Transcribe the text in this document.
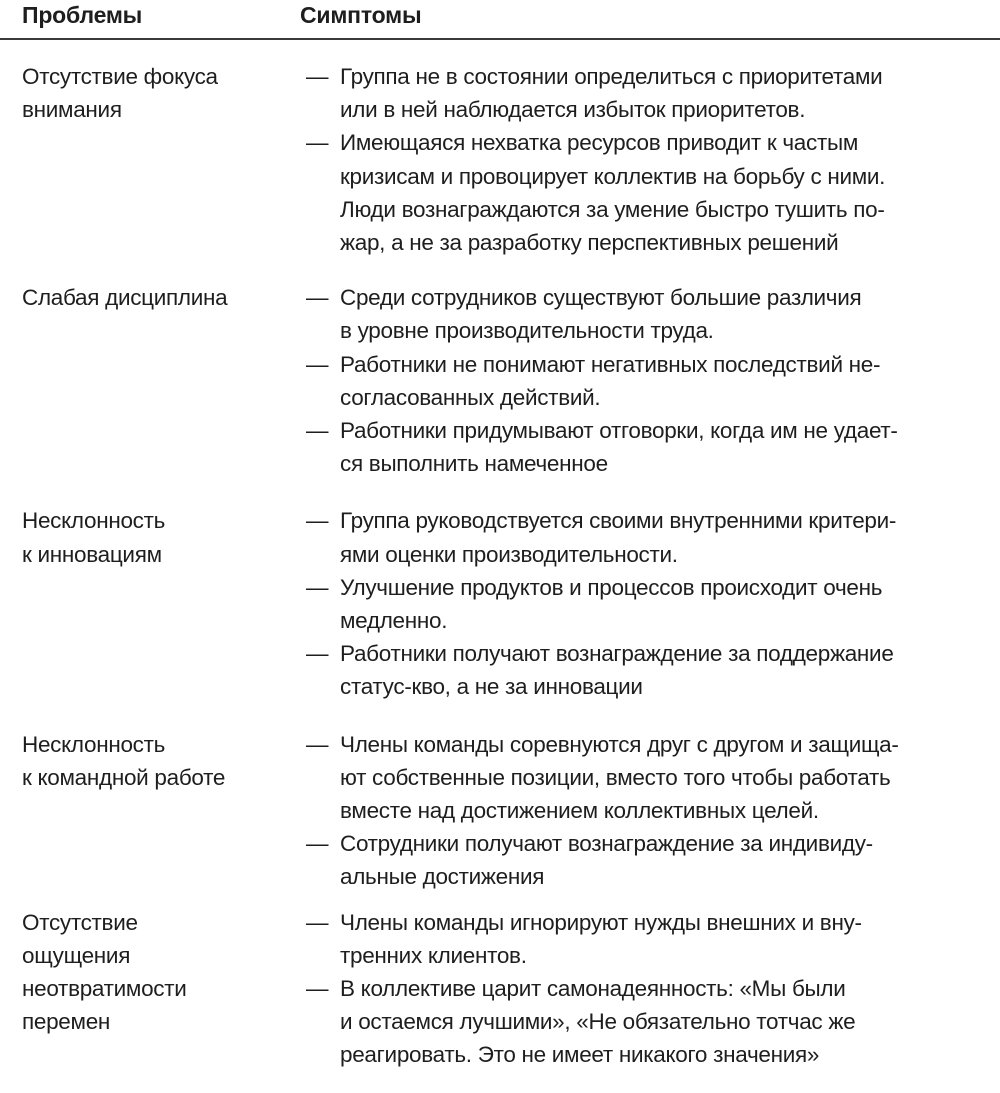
Проблемы	Симптомы
Отсутствие фокуса
внимания
— Группа не в состоянии определиться с приоритетами
или в ней наблюдается избыток приоритетов.
— Имеющаяся нехватка ресурсов приводит к частым
кризисам и провоцирует коллектив на борьбу с ними.
Люди вознаграждаются за умение быстро тушить по-
жар, а не за разработку перспективных решений
Слабая дисциплина	— Среди сотрудников существуют большие различия
в уровне производительности труда.
— Работники не понимают негативных последствий не-
согласованных действий.
— Работники придумывают отговорки, когда им не удает-
ся выполнить намеченное
Несклонность
к инновациям
— Группа руководствуется своими внутренними критери-
ями оценки производительности.
— Улучшение продуктов и процессов происходит очень
медленно.
— Работники получают вознаграждение за поддержание
статус-кво, а не за инновации
Несклонность
к командной работе
— Члены команды соревнуются друг с другом и защища-
ют собственные позиции, вместо того чтобы работать
вместе над достижением коллективных целей.
— Сотрудники получают вознаграждение за индивиду-
альные достижения
Отсутствие
ощущения
неотвратимости
перемен
— Члены команды игнорируют нужды внешних и вну-
тренних клиентов.
— В коллективе царит самонадеянность: «Мы были
и остаемся лучшими», «Не обязательно тотчас же
реагировать. Это не имеет никакого значения»
